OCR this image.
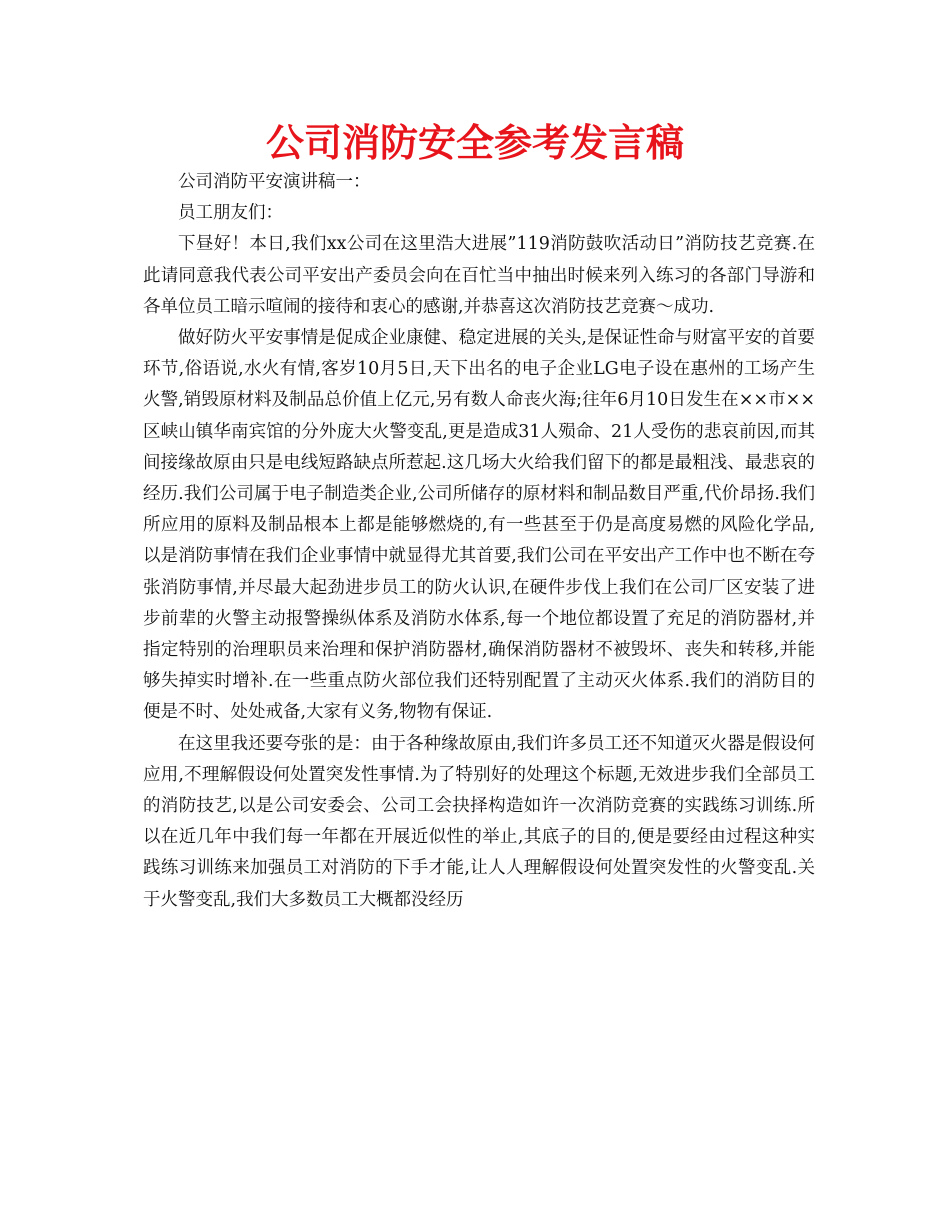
公司消防安全参考发言稿

公司消防平安演讲稿一：

员工朋友们：

下昼好！本日,我们xx公司在这里浩大进展”119消防鼓吹活动日”消防技艺竞赛.在此请同意我代表公司平安出产委员会向在百忙当中抽出时候来列入练习的各部门导游和各单位员工暗示喧闹的接待和衷心的感谢,并恭喜这次消防技艺竞赛～成功.

做好防火平安事情是促成企业康健、稳定进展的关头,是保证性命与财富平安的首要环节,俗语说,水火有情,客岁10月5日,天下出名的电子企业LG电子设在惠州的工场产生火警,销毁原材料及制品总价值上亿元,另有数人命丧火海;往年6月10日发生在××市××区峡山镇华南宾馆的分外庞大火警变乱,更是造成31人殒命、21人受伤的悲哀前因,而其间接缘故原由只是电线短路缺点所惹起.这几场大火给我们留下的都是最粗浅、最悲哀的经历.我们公司属于电子制造类企业,公司所储存的原材料和制品数目严重,代价昂扬.我们所应用的原料及制品根本上都是能够燃烧的,有一些甚至于仍是高度易燃的风险化学品,以是消防事情在我们企业事情中就显得尤其首要,我们公司在平安出产工作中也不断在夸张消防事情,并尽最大起劲进步员工的防火认识,在硬件步伐上我们在公司厂区安装了进步前辈的火警主动报警操纵体系及消防水体系,每一个地位都设置了充足的消防器材,并指定特别的治理职员来治理和保护消防器材,确保消防器材不被毁坏、丧失和转移,并能够失掉实时增补.在一些重点防火部位我们还特别配置了主动灭火体系.我们的消防目的便是不时、处处戒备,大家有义务,物物有保证.

在这里我还要夸张的是：由于各种缘故原由,我们许多员工还不知道灭火器是假设何应用,不理解假设何处置突发性事情.为了特别好的处理这个标题,无效进步我们全部员工的消防技艺,以是公司安委会、公司工会抉择构造如许一次消防竞赛的实践练习训练.所以在近几年中我们每一年都在开展近似性的举止,其底子的目的,便是要经由过程这种实践练习训练来加强员工对消防的下手才能,让人人理解假设何处置突发性的火警变乱.关于火警变乱,我们大多数员工大概都没经历
